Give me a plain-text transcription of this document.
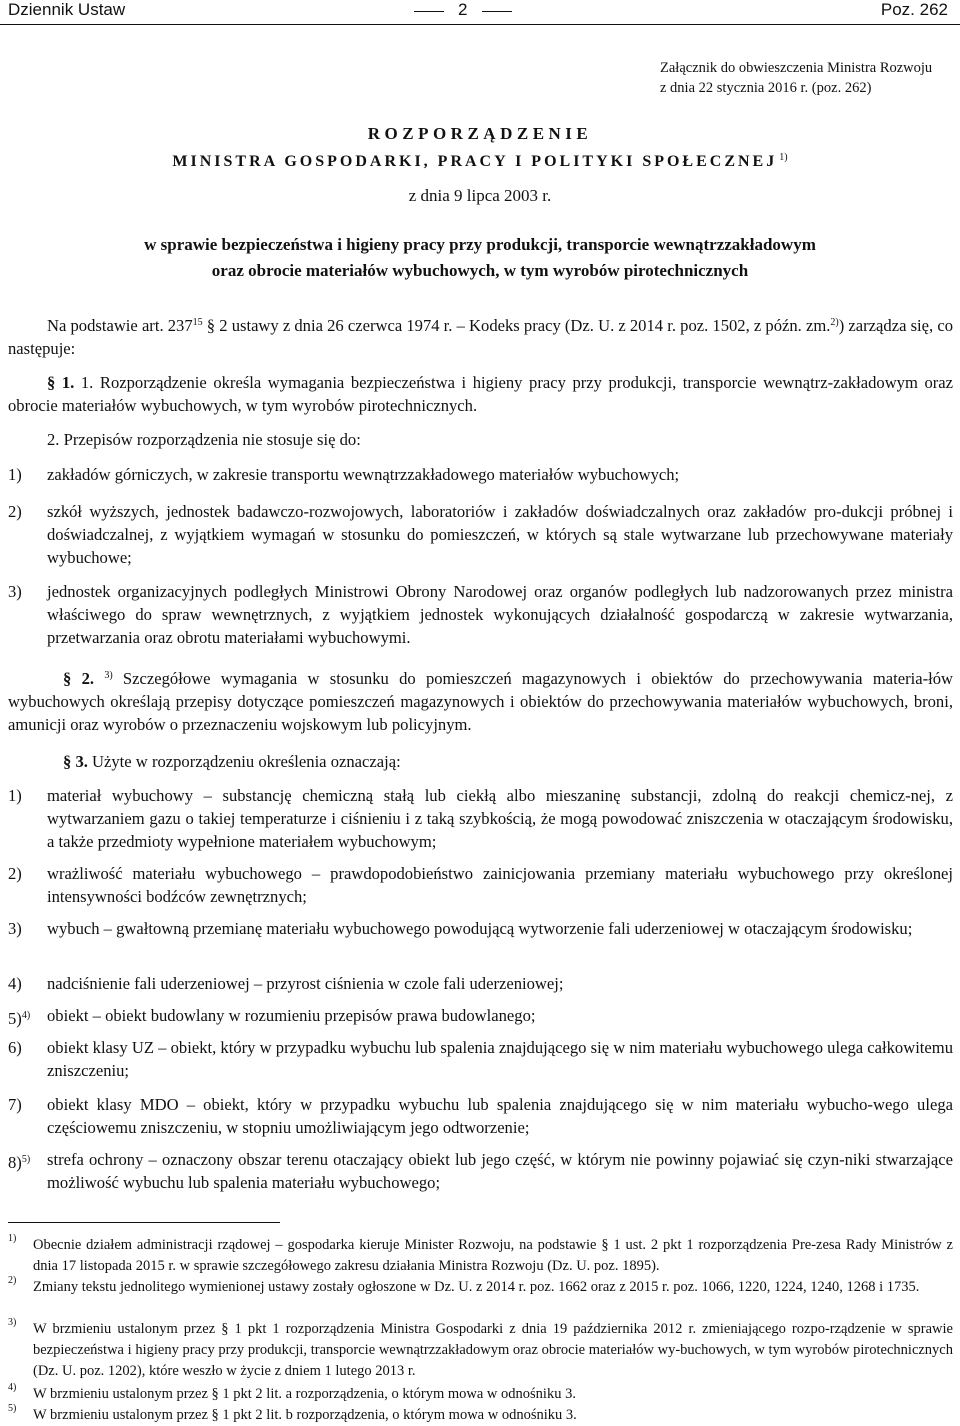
Dziennik Ustaw	2	Poz. 262
Załącznik do obwieszczenia Ministra Rozwoju
z dnia 22 stycznia 2016 r. (poz. 262)
ROZPORZĄDZENIE
MINISTRA GOSPODARKI, PRACY I POLITYKI SPOŁECZNEJ $^{1)}$
z dnia 9 lipca 2003 r.
w sprawie bezpieczeństwa i higieny pracy przy produkcji, transporcie wewnątrzzakładowym
oraz obrocie materiałów wybuchowych, w tym wyrobów pirotechnicznych
Na podstawie art. $237^{15}$ § 2 ustawy z dnia 26 czerwca 1974 r. – Kodeks pracy (Dz. U. z 2014 r. poz. 1502, z późn. zm.$^{2)}$) zarządza się, co następuje:
§ 1. 1. Rozporządzenie określa wymagania bezpieczeństwa i higieny pracy przy produkcji, transporcie wewnątrz-zakładowym oraz obrocie materiałów wybuchowych, w tym wyrobów pirotechnicznych.
2. Przepisów rozporządzenia nie stosuje się do:
1) zakładów górniczych, w zakresie transportu wewnątrzzakładowego materiałów wybuchowych;
2) szkół wyższych, jednostek badawczo-rozwojowych, laboratoriów i zakładów doświadczalnych oraz zakładów pro-dukcji próbnej i doświadczalnej, z wyjątkiem wymagań w stosunku do pomieszczeń, w których są stale wytwarzane lub przechowywane materiały wybuchowe;
3) jednostek organizacyjnych podległych Ministrowi Obrony Narodowej oraz organów podległych lub nadzorowanych przez ministra właściwego do spraw wewnętrznych, z wyjątkiem jednostek wykonujących działalność gospodarczą w zakresie wytwarzania, przetwarzania oraz obrotu materiałami wybuchowymi.
§ 2. $^{3)}$ Szczegółowe wymagania w stosunku do pomieszczeń magazynowych i obiektów do przechowywania materia-łów wybuchowych określają przepisy dotyczące pomieszczeń magazynowych i obiektów do przechowywania materiałów wybuchowych, broni, amunicji oraz wyrobów o przeznaczeniu wojskowym lub policyjnym.
§ 3. Użyte w rozporządzeniu określenia oznaczają:
1) materiał wybuchowy – substancję chemiczną stałą lub ciekłą albo mieszaninę substancji, zdolną do reakcji chemicz-nej, z wytwarzaniem gazu o takiej temperaturze i ciśnieniu i z taką szybkością, że mogą powodować zniszczenia w otaczającym środowisku, a także przedmioty wypełnione materiałem wybuchowym;
2) wrażliwość materiału wybuchowego – prawdopodobieństwo zainicjowania przemiany materiału wybuchowego przy określonej intensywności bodźców zewnętrznych;
3) wybuch – gwałtowną przemianę materiału wybuchowego powodującą wytworzenie fali uderzeniowej w otaczającym środowisku;
4) nadciśnienie fali uderzeniowej – przyrost ciśnienia w czole fali uderzeniowej;
5)$^{4)}$ obiekt – obiekt budowlany w rozumieniu przepisów prawa budowlanego;
6) obiekt klasy UZ – obiekt, który w przypadku wybuchu lub spalenia znajdującego się w nim materiału wybuchowego ulega całkowitemu zniszczeniu;
7) obiekt klasy MDO – obiekt, który w przypadku wybuchu lub spalenia znajdującego się w nim materiału wybucho-wego ulega częściowemu zniszczeniu, w stopniu umożliwiającym jego odtworzenie;
8)$^{5)}$ strefa ochrony – oznaczony obszar terenu otaczający obiekt lub jego część, w którym nie powinny pojawiać się czyn-niki stwarzające możliwość wybuchu lub spalenia materiału wybuchowego;
1) Obecnie działem administracji rządowej – gospodarka kieruje Minister Rozwoju, na podstawie § 1 ust. 2 pkt 1 rozporządzenia Pre-zesa Rady Ministrów z dnia 17 listopada 2015 r. w sprawie szczegółowego zakresu działania Ministra Rozwoju (Dz. U. poz. 1895).
2) Zmiany tekstu jednolitego wymienionej ustawy zostały ogłoszone w Dz. U. z 2014 r. poz. 1662 oraz z 2015 r. poz. 1066, 1220, 1224, 1240, 1268 i 1735.
3) W brzmieniu ustalonym przez § 1 pkt 1 rozporządzenia Ministra Gospodarki z dnia 19 października 2012 r. zmieniającego rozpo-rządzenie w sprawie bezpieczeństwa i higieny pracy przy produkcji, transporcie wewnątrzzakładowym oraz obrocie materiałów wy-buchowych, w tym wyrobów pirotechnicznych (Dz. U. poz. 1202), które weszło w życie z dniem 1 lutego 2013 r.
4) W brzmieniu ustalonym przez § 1 pkt 2 lit. a rozporządzenia, o którym mowa w odnośniku 3.
5) W brzmieniu ustalonym przez § 1 pkt 2 lit. b rozporządzenia, o którym mowa w odnośniku 3.
